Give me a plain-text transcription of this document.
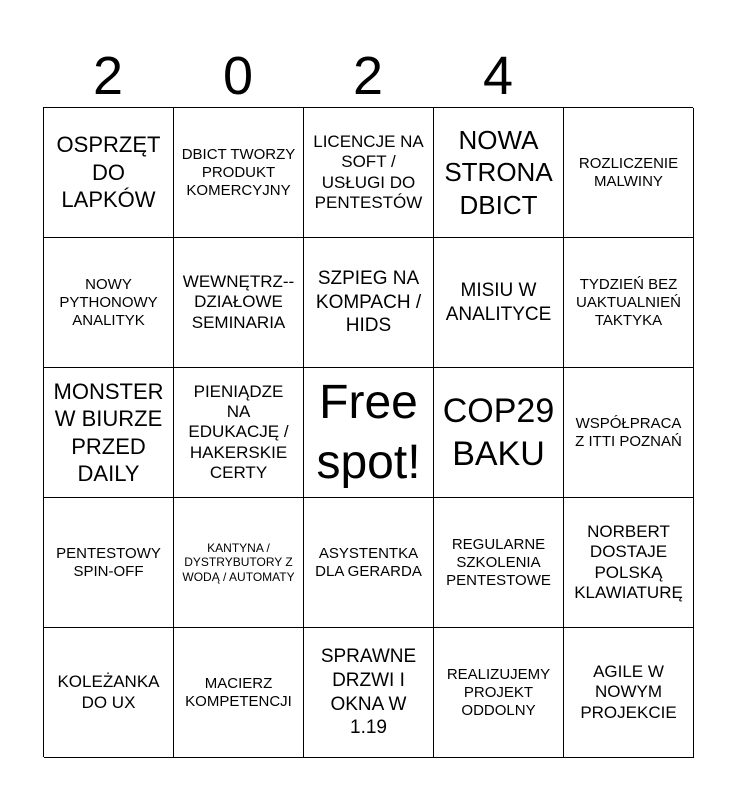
2	0	2	4
OSPRZĘT DO LAPKÓW
DBICT TWORZY PRODUKT KOMERCYJNY
LICENCJE NA SOFT / USŁUGI DO PENTESTÓW
NOWA STRONA DBICT
ROZLICZENIE MALWINY
NOWY PYTHONOWY ANALITYK
WEWNĘTRZ--DZIAŁOWE SEMINARIA
SZPIEG NA KOMPACH / HIDS
MISIU W ANALITYCE
TYDZIEŃ BEZ UAKTUALNIEŃ TAKTYKA
MONSTER W BIURZE PRZED DAILY
PIENIĄDZE NA EDUKACJĘ / HAKERSKIE CERTY
Free spot!
COP29 BAKU
WSPÓŁPRACA Z ITTI POZNAŃ
PENTESTOWY SPIN-OFF
KANTYNA / DYSTRYBUTORY Z WODĄ / AUTOMATY
ASYSTENTKA DLA GERARDA
REGULARNE SZKOLENIA PENTESTOWE
NORBERT DOSTAJE POLSKĄ KLAWIATURĘ
KOLEŻANKA DO UX
MACIERZ KOMPETENCJI
SPRAWNE DRZWI I OKNA W 1.19
REALIZUJEMY PROJEKT ODDOLNY
AGILE W NOWYM PROJEKCIE
